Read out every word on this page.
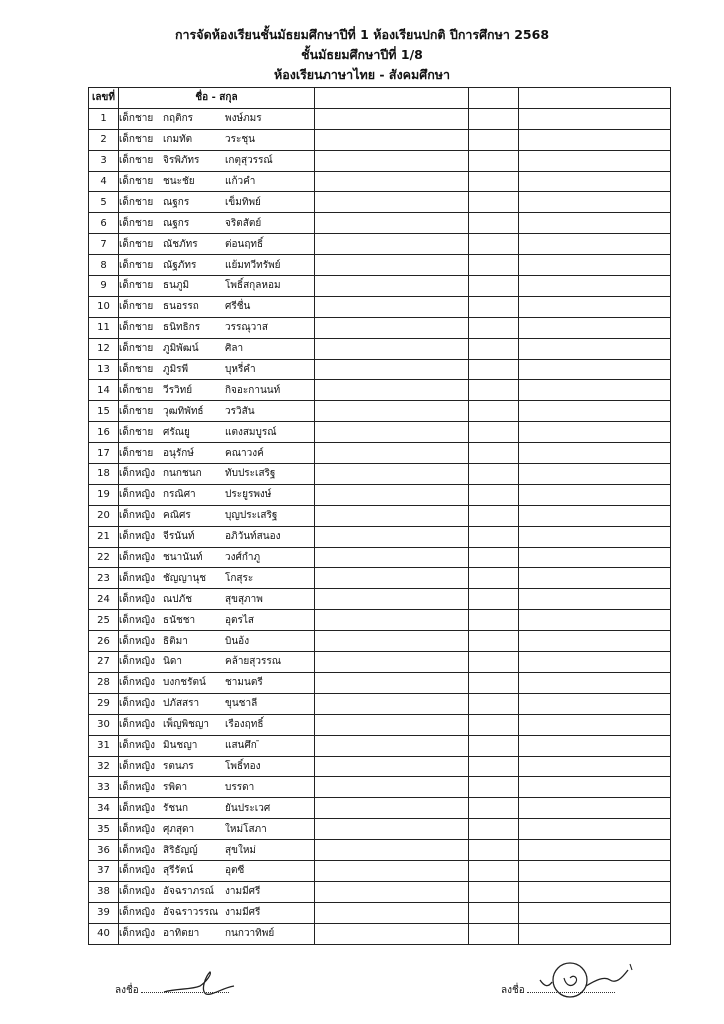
การจัดห้องเรียนชั้นมัธยมศึกษาปีที่ 1 ห้องเรียนปกติ ปีการศึกษา 2568
ชั้นมัธยมศึกษาปีที่ 1/8
ห้องเรียนภาษาไทย - สังคมศึกษา
เลขที่	ชื่อ - สกุล			
1	เด็กชาย กฤติกร พงษ์ภมร			
2	เด็กชาย เกมทัต วระชุน			
3	เด็กชาย จิรพิภัทร เกตุสุวรรณ์			
4	เด็กชาย ชนะชัย แก้วคำ			
5	เด็กชาย ณฐกร เข็มทิพย์			
6	เด็กชาย ณฐกร จริตสัตย์			
7	เด็กชาย ณัชภัทร ต่อนฤทธิ์			
8	เด็กชาย ณัฐภัทร แย้มทวีทรัพย์			
9	เด็กชาย ธนภูมิ โพธิ์สกุลหอม			
10	เด็กชาย ธนอรรถ ศรีชื่น			
11	เด็กชาย ธนิทธิกร วรรณุวาส			
12	เด็กชาย ภูมิพัฒน์ ศิลา			
13	เด็กชาย ภูมิรพี บุหรี่คำ			
14	เด็กชาย วีรวิทย์ กิจอะกานนท์			
15	เด็กชาย วุฒทิพัทธ์ วรวิสัน			
16	เด็กชาย ศรัณยู แตงสมบูรณ์			
17	เด็กชาย อนุรักษ์ คณาวงค์			
18	เด็กหญิง กนกชนก ทับประเสริฐ			
19	เด็กหญิง กรณิศา ประยูรพงษ์			
20	เด็กหญิง คณิศร บุญประเสริฐ			
21	เด็กหญิง จีรนันท์ อภิวันท์สนอง			
22	เด็กหญิง ชนานันท์ วงศ์กำภู			
23	เด็กหญิง ชัญญานุช โกสุระ			
24	เด็กหญิง ณปภัช สุขสุภาพ			
25	เด็กหญิง ธนัชชา อุตรไส			
26	เด็กหญิง ธิติมา บินอ้ง			
27	เด็กหญิง นิดา คล้ายสุวรรณ			
28	เด็กหญิง บงกชรัตน์ ชามนตรี			
29	เด็กหญิง ปภัสสรา ขุนชาลี			
30	เด็กหญิง เพ็ญพิชญา เรืองฤทธิ์			
31	เด็กหญิง มินชญา แสนศึก ̄			
32	เด็กหญิง รตนภร โพธิ์ทอง			
33	เด็กหญิง รพิดา บรรดา			
34	เด็กหญิง รัชนก ยันประเวศ			
35	เด็กหญิง ศุภสุดา ใหม่โสภา			
36	เด็กหญิง สิริธัญญ์ สุขใหม่			
37	เด็กหญิง สุรีรัตน์ อุตซี			
38	เด็กหญิง อัจฉราภรณ์ งามมีศรี			
39	เด็กหญิง อัจฉราวรรณ งามมีศรี			
40	เด็กหญิง อาทิตยา กนกวาทิพย์			
ลงชื่อ	ลงชื่อ
